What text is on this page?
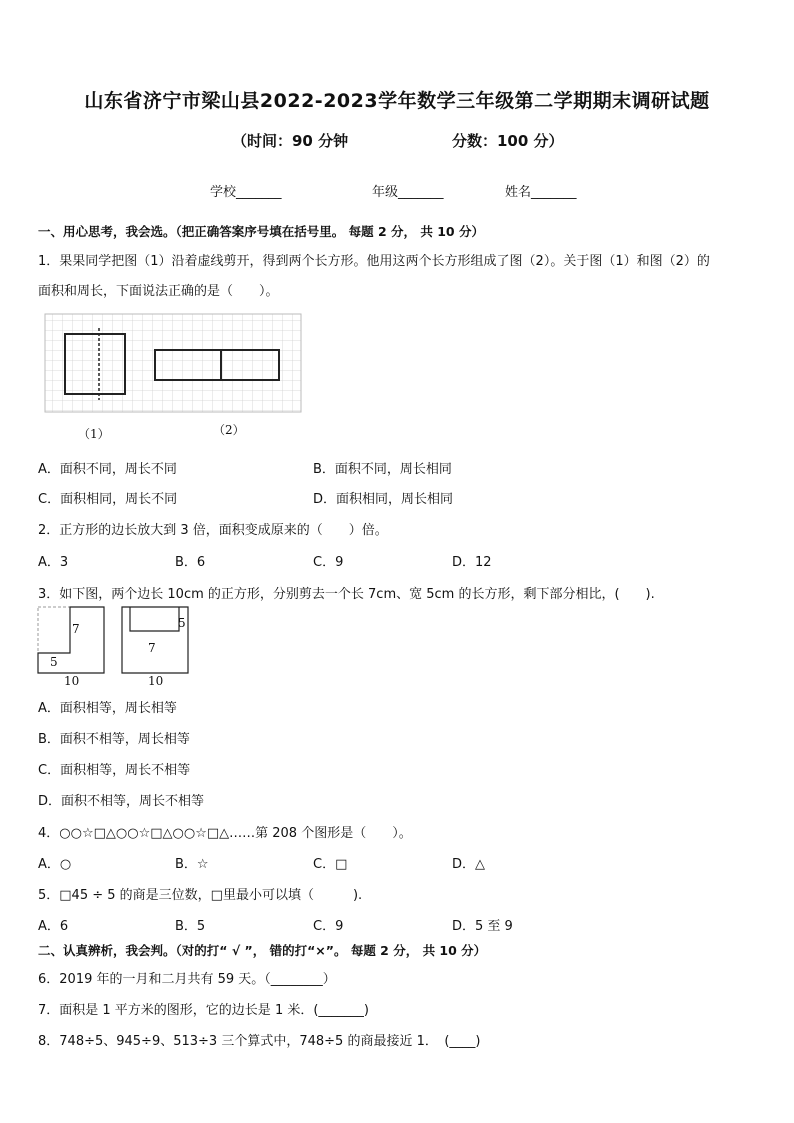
山东省济宁市梁山县2022-2023学年数学三年级第二学期期末调研试题
（时间：90 分钟	分数：100 分）
学校_______	年级_______	姓名_______
一、用心思考，我会选。（把正确答案序号填在括号里。 每题 2 分， 共 10 分）
1．果果同学把图（1）沿着虚线剪开，得到两个长方形。他用这两个长方形组成了图（2）。关于图（1）和图（2）的
面积和周长，下面说法正确的是（　　）。
（1）	（2）
A．面积不同，周长不同	B．面积不同，周长相同
C．面积相同，周长不同	D．面积相同，周长相同
2．正方形的边长放大到 3 倍，面积变成原来的（　　）倍。
A．3	B．6	C．9	D．12
3．如下图，两个边长 10cm 的正方形，分别剪去一个长 7cm、宽 5cm 的长方形，剩下部分相比，(　　).
7
5
10
5
7
10
A．面积相等，周长相等
B．面积不相等，周长相等
C．面积相等，周长不相等
D．面积不相等，周长不相等
4．○○☆□△○○☆□△○○☆□△……第 208 个图形是（　　）。
A．○	B．☆	C．□	D．△
5．□45 ÷ 5 的商是三位数，□里最小可以填（　　　).
A．6	B．5	C．9	D．5 至 9
二、认真辨析，我会判。（对的打“ √ ”， 错的打“×”。 每题 2 分， 共 10 分）
6．2019 年的一月和二月共有 59 天。（________）
7．面积是 1 平方米的图形，它的边长是 1 米．(_______)
8．748÷5、945÷9、513÷3 三个算式中，748÷5 的商最接近 1．　(____)
